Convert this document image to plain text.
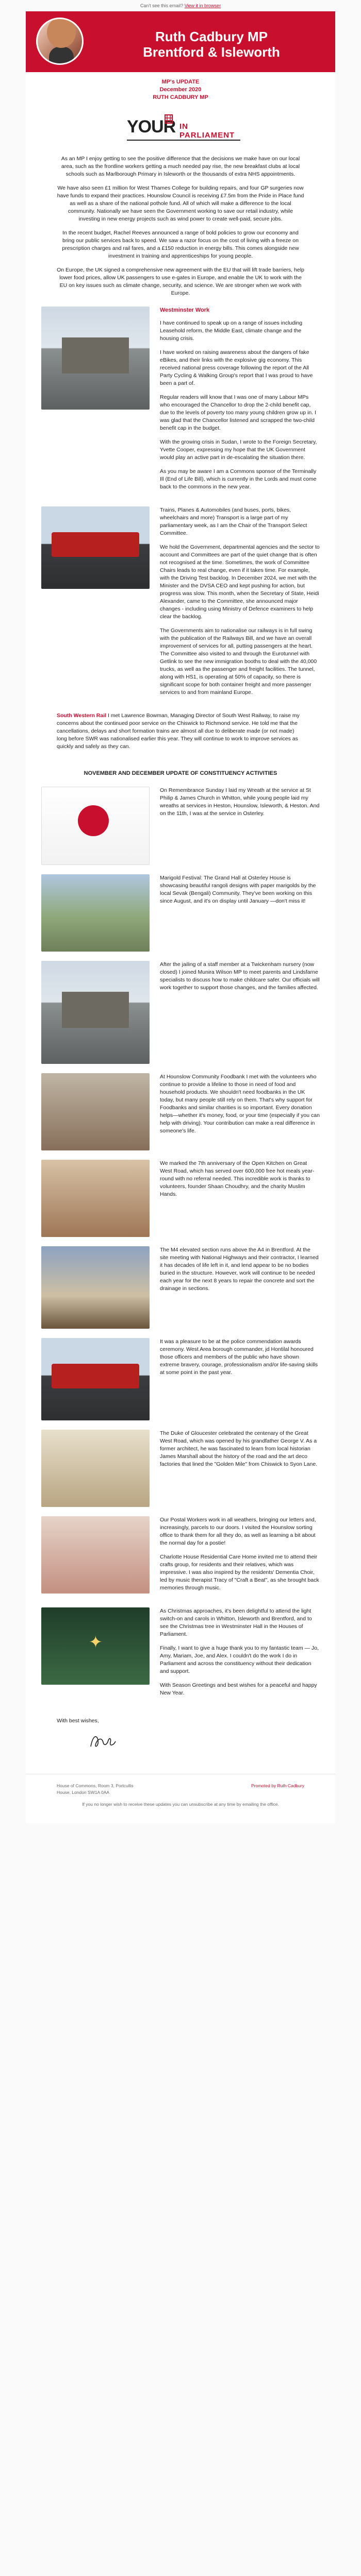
Can't see this email? View it in browser
Ruth Cadbury MP
Brentford & Isleworth
MP's UPDATE
December 2020
RUTH CADBURY MP
YOUR IN PARLIAMENT

As an MP I enjoy getting to see the positive difference that the decisions we make have on our local area, such as the frontline workers getting a much needed pay rise, the new breakfast clubs at local schools such as Marlborough Primary in Isleworth or the thousands of extra NHS appointments.

We have also seen £1 million for West Thames College for building repairs, and four GP surgeries now have funds to expand their practices. Hounslow Council is receiving £7.5m from the Pride in Place fund as well as a share of the national pothole fund. All of which will make a difference to the local community. Nationally we have seen the Government working to save our retail industry, while investing in new energy projects such as wind power to create well-paid, secure jobs.

In the recent budget, Rachel Reeves announced a range of bold policies to grow our economy and bring our public services back to speed. We saw a razor focus on the cost of living with a freeze on prescription charges and rail fares, and a £150 reduction in energy bills. This comes alongside new investment in training and apprenticeships for young people.

On Europe, the UK signed a comprehensive new agreement with the EU that will lift trade barriers, help lower food prices, allow UK passengers to use e-gates in Europe, and enable the UK to work with the EU on key issues such as climate change, security, and science. We are stronger when we work with Europe.

Westminster Work

I have continued to speak up on a range of issues including Leasehold reform, the Middle East, climate change and the housing crisis.

I have worked on raising awareness about the dangers of fake eBikes, and their links with the explosive gig economy. This received national press coverage following the report of the All Party Cycling & Walking Group's report that I was proud to have been a part of.

Regular readers will know that I was one of many Labour MPs who encouraged the Chancellor to drop the 2-child benefit cap, due to the levels of poverty too many young children grow up in. I was glad that the Chancellor listened and scrapped the two-child benefit cap in the budget.

With the growing crisis in Sudan, I wrote to the Foreign Secretary, Yvette Cooper, expressing my hope that the UK Government would play an active part in de-escalating the situation there.

As you may be aware I am a Commons sponsor of the Terminally Ill (End of Life Bill), which is currently in the Lords and must come back to the commons in the new year.

Trains, Planes & Automobiles (and buses, ports, bikes, wheelchairs and more) Transport is a large part of my parliamentary week, as I am the Chair of the Transport Select Committee.

We hold the Government, departmental agencies and the sector to account and Committees are part of the quiet change that is often not recognised at the time. Sometimes, the work of Committee Chairs leads to real change, even if it takes time. For example, with the Driving Test backlog. In December 2024, we met with the Minister and the DVSA CEO and kept pushing for action, but progress was slow. This month, when the Secretary of State, Heidi Alexander, came to the Committee, she announced major changes - including using Ministry of Defence examiners to help clear the backlog.

The Governments aim to nationalise our railways is in full swing with the publication of the Railways Bill, and we have an overall improvement of services for all, putting passengers at the heart. The Committee also visited to and through the Eurotunnel with Getlink to see the new immigration booths to deal with the 40,000 trucks, as well as the passenger and freight facilities. The tunnel, along with HS1, is operating at 50% of capacity, so there is significant scope for both container freight and more passenger services to and from mainland Europe.

South Western Rail I met Lawrence Bowman, Managing Director of South West Railway, to raise my concerns about the continued poor service on the Chiswick to Richmond service. He told me that the cancellations, delays and short formation trains are almost all due to deliberate made (or not made) long before SWR was nationalised earlier this year. They will continue to work to improve services as quickly and safely as they can.
NOVEMBER AND DECEMBER UPDATE OF CONSTITUENCY ACTIVITIES

On Remembrance Sunday I laid my Wreath at the service at St Philip & James Church in Whitton, while young people laid my wreaths at services in Heston, Hounslow, Isleworth, & Heston. And on the 11th, I was at the service in Osterley.

Marigold Festival: The Grand Hall at Osterley House is showcasing beautiful rangoli designs with paper marigolds by the local Sevak (Bengali) Community. They've been working on this since August, and it's on display until January —don't miss it!

After the jailing of a staff member at a Twickenham nursery (now closed) I joined Munira Wilson MP to meet parents and Lindsfarne specialists to discuss how to make childcare safer. Our officials will work together to support those changes, and the families affected.

At Hounslow Community Foodbank I met with the volunteers who continue to provide a lifeline to those in need of food and household products. We shouldn't need foodbanks in the UK today, but many people still rely on them. That's why support for Foodbanks and similar charities is so important. Every donation helps—whether it's money, food, or your time (especially if you can help with driving). Your contribution can make a real difference in someone's life.

We marked the 7th anniversary of the Open Kitchen on Great West Road, which has served over 600,000 free hot meals year-round with no referral needed. This incredible work is thanks to volunteers, founder Shaan Choudhry, and the charity Muslim Hands.

The M4 elevated section runs above the A4 in Brentford. At the site meeting with National Highways and their contractor, I learned it has decades of life left in it, and lend appear to be no bodies buried in the structure. However, work will continue to be needed each year for the next 8 years to repair the concrete and sort the drainage in sections.

It was a pleasure to be at the police commendation awards ceremony. West Area borough commander, jd Hontilal honoured those officers and members of the public who have shown extreme bravery, courage, professionalism and/or life-saving skills at some point in the past year.

The Duke of Gloucester celebrated the centenary of the Great West Road, which was opened by his grandfather George V. As a former architect, he was fascinated to learn from local historian James Marshall about the history of the road and the art deco factories that lined the "Golden Mile" from Chiswick to Syon Lane.

Our Postal Workers work in all weathers, bringing our letters and, increasingly, parcels to our doors. I visited the Hounslow sorting office to thank them for all they do, as well as learning a bit about the normal day for a postie!

Charlotte House Residential Care Home invited me to attend their crafts group, for residents and their relatives, which was impressive. I was also inspired by the residents' Dementia Choir, led by music therapist Tracy of "Craft a Beat", as she brought back memories through music.

✦

As Christmas approaches, it's been delightful to attend the light switch-on and carols in Whitton, Isleworth and Brentford, and to see the Christmas tree in Westminster Hall in the Houses of Parliament.

Finally, I want to give a huge thank you to my fantastic team — Jo, Amy, Mariam, Joe, and Alex. I couldn't do the work I do in Parliament and across the constituency without their dedication and support.

With Season Greetings and best wishes for a peaceful and happy New Year.

With best wishes,
House of Commons, Room 3, Portcullis House, London SW1A 0AA
Promoted by Ruth Cadbury
If you no longer wish to receive these updates you can unsubscribe at any time by emailing the office.
